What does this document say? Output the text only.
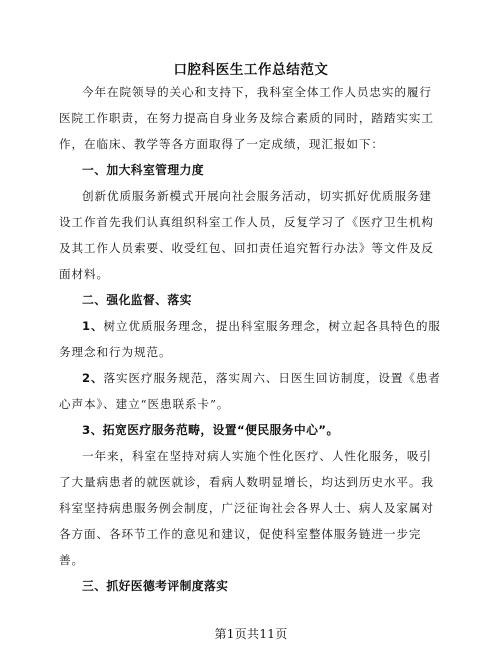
口腔科医生工作总结范文
今年在院领导的关心和支持下，我科室全体工作人员忠实的履行
医院工作职责，在努力提高自身业务及综合素质的同时，踏踏实实工
作，在临床、教学等各方面取得了一定成绩，现汇报如下：
一、加大科室管理力度
创新优质服务新模式开展向社会服务活动，切实抓好优质服务建
设工作首先我们认真组织科室工作人员，反复学习了《医疗卫生机构
及其工作人员索要、收受红包、回扣责任追究暂行办法》等文件及反
面材料。
二、强化监督、落实
1、树立优质服务理念，提出科室服务理念，树立起各具特色的服
务理念和行为规范。
2、落实医疗服务规范，落实周六、日医生回访制度，设置《患者
心声本》、建立“医患联系卡”。
3、拓宽医疗服务范畴，设置“便民服务中心”。
一年来，科室在坚持对病人实施个性化医疗、人性化服务，吸引
了大量病患者的就医就诊，看病人数明显增长，均达到历史水平。我
科室坚持病患服务例会制度，广泛征询社会各界人士、病人及家属对
各方面、各环节工作的意见和建议，促使科室整体服务链进一步完
善。
三、抓好医德考评制度落实
第1页共11页
